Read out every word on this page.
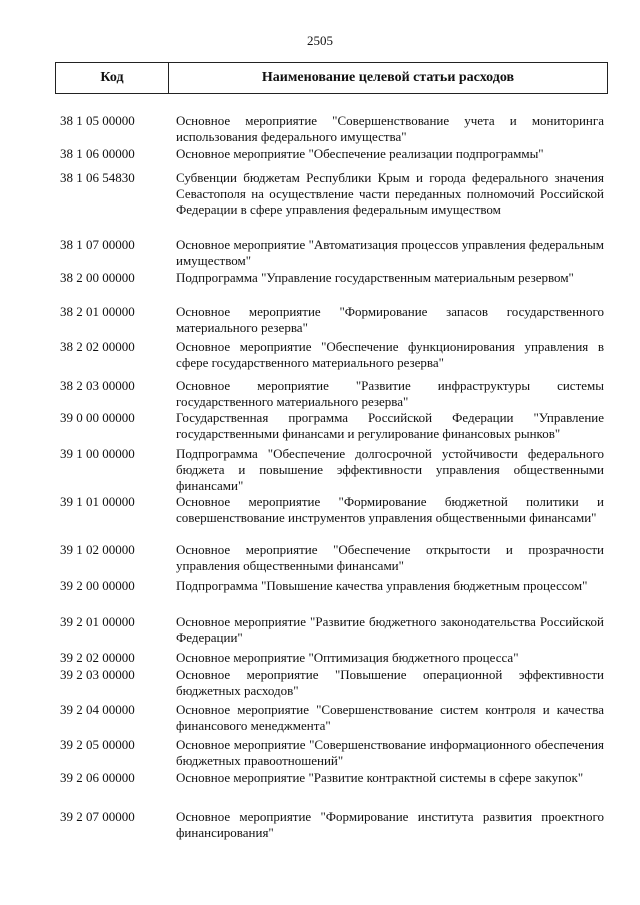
2505
Код	Наименование целевой статьи расходов
38 1 05 00000	Основное мероприятие "Совершенствование учета и мониторинга использования федерального имущества"
38 1 06 00000	Основное мероприятие "Обеспечение реализации подпрограммы"
38 1 06 54830	Субвенции бюджетам Республики Крым и города федерального значения Севастополя на осуществление части переданных полномочий Российской Федерации в сфере управления федеральным имуществом
38 1 07 00000	Основное мероприятие "Автоматизация процессов управления федеральным имуществом"
38 2 00 00000	Подпрограмма "Управление государственным материальным резервом"
38 2 01 00000	Основное мероприятие "Формирование запасов государственного материального резерва"
38 2 02 00000	Основное мероприятие "Обеспечение функционирования управления в сфере государственного материального резерва"
38 2 03 00000	Основное мероприятие "Развитие инфраструктуры системы государственного материального резерва"
39 0 00 00000	Государственная программа Российской Федерации "Управление государственными финансами и регулирование финансовых рынков"
39 1 00 00000	Подпрограмма "Обеспечение долгосрочной устойчивости федерального бюджета и повышение эффективности управления общественными финансами"
39 1 01 00000	Основное мероприятие "Формирование бюджетной политики и совершенствование инструментов управления общественными финансами"
39 1 02 00000	Основное мероприятие "Обеспечение открытости и прозрачности управления общественными финансами"
39 2 00 00000	Подпрограмма "Повышение качества управления бюджетным процессом"
39 2 01 00000	Основное мероприятие "Развитие бюджетного законодательства Российской Федерации"
39 2 02 00000	Основное мероприятие "Оптимизация бюджетного процесса"
39 2 03 00000	Основное мероприятие "Повышение операционной эффективности бюджетных расходов"
39 2 04 00000	Основное мероприятие "Совершенствование систем контроля и качества финансового менеджмента"
39 2 05 00000	Основное мероприятие "Совершенствование информационного обеспечения бюджетных правоотношений"
39 2 06 00000	Основное мероприятие "Развитие контрактной системы в сфере закупок"
39 2 07 00000	Основное мероприятие "Формирование института развития проектного финансирования"
